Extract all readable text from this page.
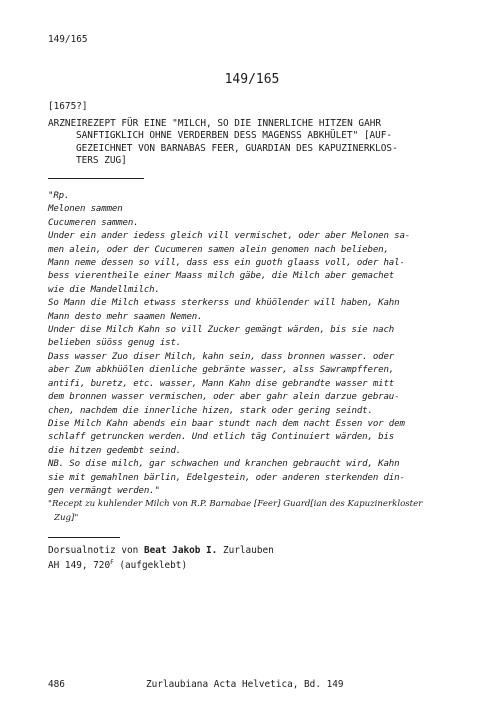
149/165
149/165
[1675?]
ARZNEIREZEPT FÜR EINE "MILCH, SO DIE INNERLICHE HITZEN GAHR
SANFTIGKLICH OHNE VERDERBEN DESS MAGENSS ABKHÜLET" [AUF-
GEZEICHNET VON BARNABAS FEER, GUARDIAN DES KAPUZINERKLOS-
TERS ZUG]
"Rp.
Melonen sammen
Cucumeren sammen.
Under ein ander iedess gleich vill vermischet, oder aber Melonen sa-
men alein, oder der Cucumeren samen alein genomen nach belieben,
Mann neme dessen so vill, dass ess ein guoth glaass voll, oder hal-
bess vierentheile einer Maass milch gäbe, die Milch aber gemachet
wie die Mandellmilch.
So Mann die Milch etwass sterkerss und khüölender will haben, Kahn
Mann desto mehr saamen Nemen.
Under dise Milch Kahn so vill Zucker gemängt wärden, bis sie nach
belieben süöss genug ist.
Dass wasser Zuo diser Milch, kahn sein, dass bronnen wasser. oder
aber Zum abkhüölen dienliche gebränte wasser, alss Sawrampfferen,
antifi, buretz, etc. wasser, Mann Kahn dise gebrandte wasser mitt
dem bronnen wasser vermischen, oder aber gahr alein darzue gebrau-
chen, nachdem die innerliche hizen, stark oder gering seindt.
Dise Milch Kahn abends ein baar stundt nach dem nacht Essen vor dem
schlaff getruncken werden. Und etlich täg Continuiert wärden, bis
die hitzen gedembt seind.
NB. So dise milch, gar schwachen und kranchen gebraucht wird, Kahn
sie mit gemahlnen bärlin, Edelgestein, oder anderen sterkenden din-
gen vermängt werden."
"Recept zu kuhlender Milch von R.P. Barnabae [Feer] Guard[ian des Kapuzinerkloster
Zug]"
Dorsualnotiz von Beat Jakob I. Zurlauben
AH 149, $720^F$ (aufgeklebt)
486	Zurlaubiana Acta Helvetica, Bd. 149
